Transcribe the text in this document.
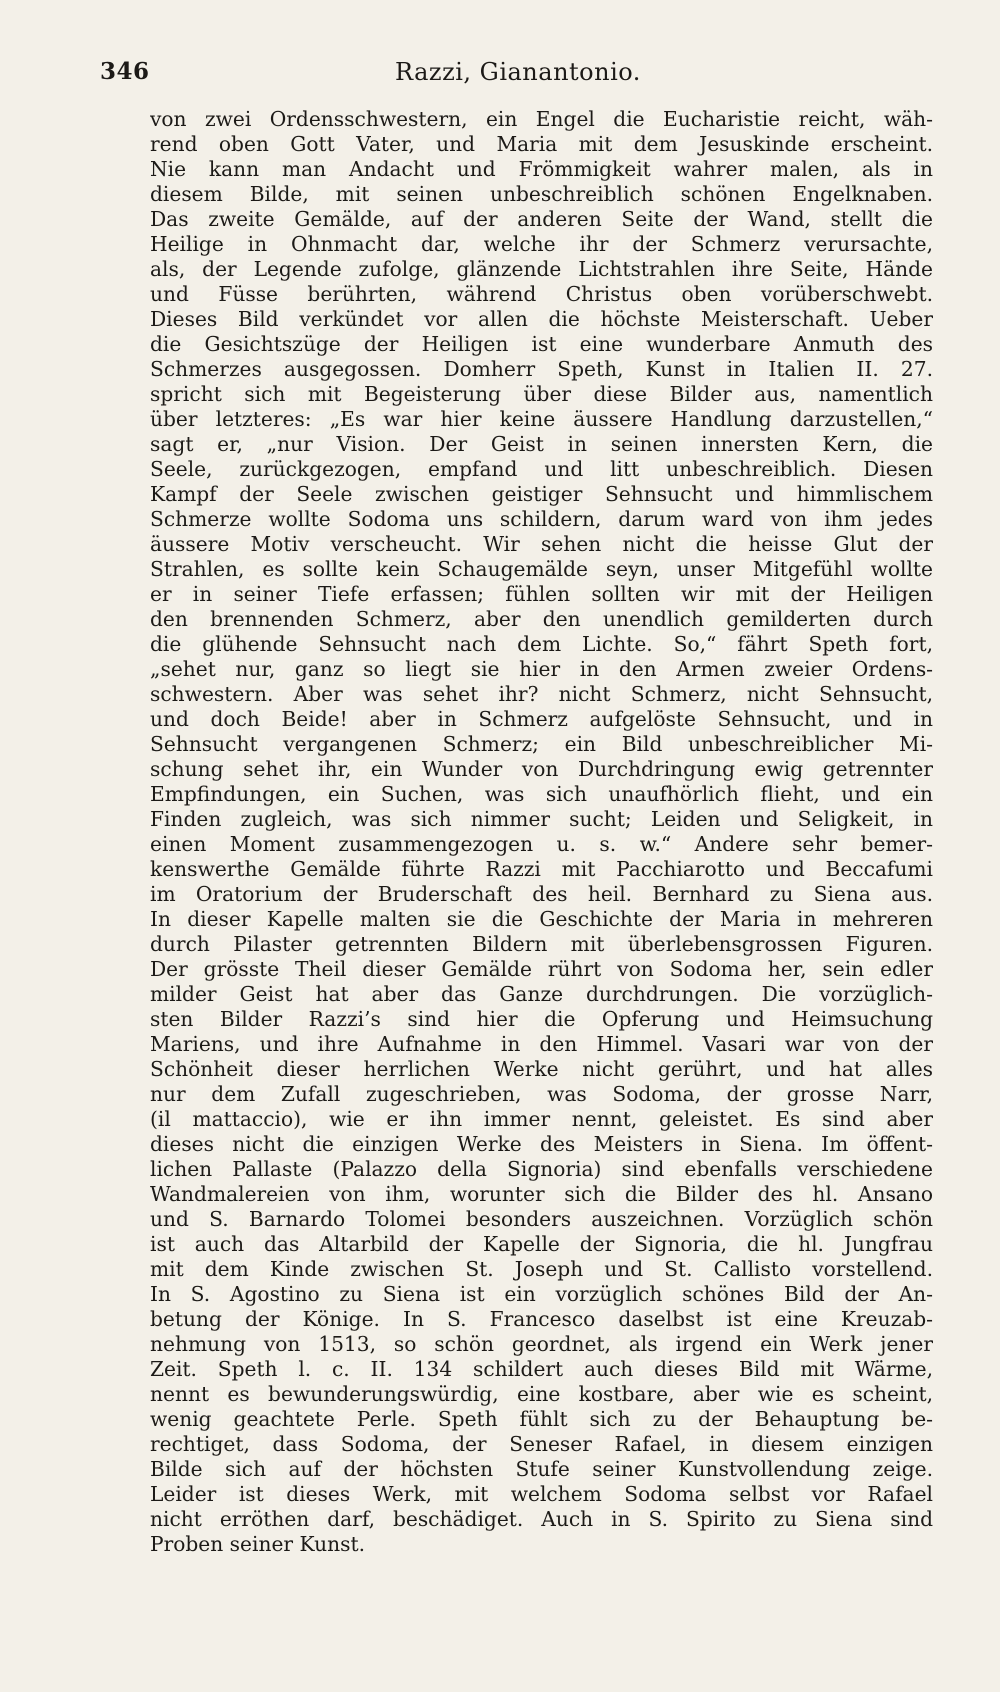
346	Razzi, Gianantonio.
von zwei Ordensschwestern, ein Engel die Eucharistie reicht, wäh-
rend oben Gott Vater, und Maria mit dem Jesuskinde erscheint.
Nie kann man Andacht und Frömmigkeit wahrer malen, als in
diesem Bilde, mit seinen unbeschreiblich schönen Engelknaben.
Das zweite Gemälde, auf der anderen Seite der Wand, stellt die
Heilige in Ohnmacht dar, welche ihr der Schmerz verursachte,
als, der Legende zufolge, glänzende Lichtstrahlen ihre Seite, Hände
und Füsse berührten, während Christus oben vorüberschwebt.
Dieses Bild verkündet vor allen die höchste Meisterschaft. Ueber
die Gesichtszüge der Heiligen ist eine wunderbare Anmuth des
Schmerzes ausgegossen. Domherr Speth, Kunst in Italien II. 27.
spricht sich mit Begeisterung über diese Bilder aus, namentlich
über letzteres: „Es war hier keine äussere Handlung darzustellen,“
sagt er, „nur Vision. Der Geist in seinen innersten Kern, die
Seele, zurückgezogen, empfand und litt unbeschreiblich. Diesen
Kampf der Seele zwischen geistiger Sehnsucht und himmlischem
Schmerze wollte Sodoma uns schildern, darum ward von ihm jedes
äussere Motiv verscheucht. Wir sehen nicht die heisse Glut der
Strahlen, es sollte kein Schaugemälde seyn, unser Mitgefühl wollte
er in seiner Tiefe erfassen; fühlen sollten wir mit der Heiligen
den brennenden Schmerz, aber den unendlich gemilderten durch
die glühende Sehnsucht nach dem Lichte. So,“ fährt Speth fort,
„sehet nur, ganz so liegt sie hier in den Armen zweier Ordens-
schwestern. Aber was sehet ihr? nicht Schmerz, nicht Sehnsucht,
und doch Beide! aber in Schmerz aufgelöste Sehnsucht, und in
Sehnsucht vergangenen Schmerz; ein Bild unbeschreiblicher Mi-
schung sehet ihr, ein Wunder von Durchdringung ewig getrennter
Empfindungen, ein Suchen, was sich unaufhörlich flieht, und ein
Finden zugleich, was sich nimmer sucht; Leiden und Seligkeit, in
einen Moment zusammengezogen u. s. w.“ Andere sehr bemer-
kenswerthe Gemälde führte Razzi mit Pacchiarotto und Beccafumi
im Oratorium der Bruderschaft des heil. Bernhard zu Siena aus.
In dieser Kapelle malten sie die Geschichte der Maria in mehreren
durch Pilaster getrennten Bildern mit überlebensgrossen Figuren.
Der grösste Theil dieser Gemälde rührt von Sodoma her, sein edler
milder Geist hat aber das Ganze durchdrungen. Die vorzüglich-
sten Bilder Razzi’s sind hier die Opferung und Heimsuchung
Mariens, und ihre Aufnahme in den Himmel. Vasari war von der
Schönheit dieser herrlichen Werke nicht gerührt, und hat alles
nur dem Zufall zugeschrieben, was Sodoma, der grosse Narr,
(il mattaccio), wie er ihn immer nennt, geleistet. Es sind aber
dieses nicht die einzigen Werke des Meisters in Siena. Im öffent-
lichen Pallaste (Palazzo della Signoria) sind ebenfalls verschiedene
Wandmalereien von ihm, worunter sich die Bilder des hl. Ansano
und S. Barnardo Tolomei besonders auszeichnen. Vorzüglich schön
ist auch das Altarbild der Kapelle der Signoria, die hl. Jungfrau
mit dem Kinde zwischen St. Joseph und St. Callisto vorstellend.
In S. Agostino zu Siena ist ein vorzüglich schönes Bild der An-
betung der Könige. In S. Francesco daselbst ist eine Kreuzab-
nehmung von 1513, so schön geordnet, als irgend ein Werk jener
Zeit. Speth l. c. II. 134 schildert auch dieses Bild mit Wärme,
nennt es bewunderungswürdig, eine kostbare, aber wie es scheint,
wenig geachtete Perle. Speth fühlt sich zu der Behauptung be-
rechtiget, dass Sodoma, der Seneser Rafael, in diesem einzigen
Bilde sich auf der höchsten Stufe seiner Kunstvollendung zeige.
Leider ist dieses Werk, mit welchem Sodoma selbst vor Rafael
nicht erröthen darf, beschädiget. Auch in S. Spirito zu Siena sind
Proben seiner Kunst.
